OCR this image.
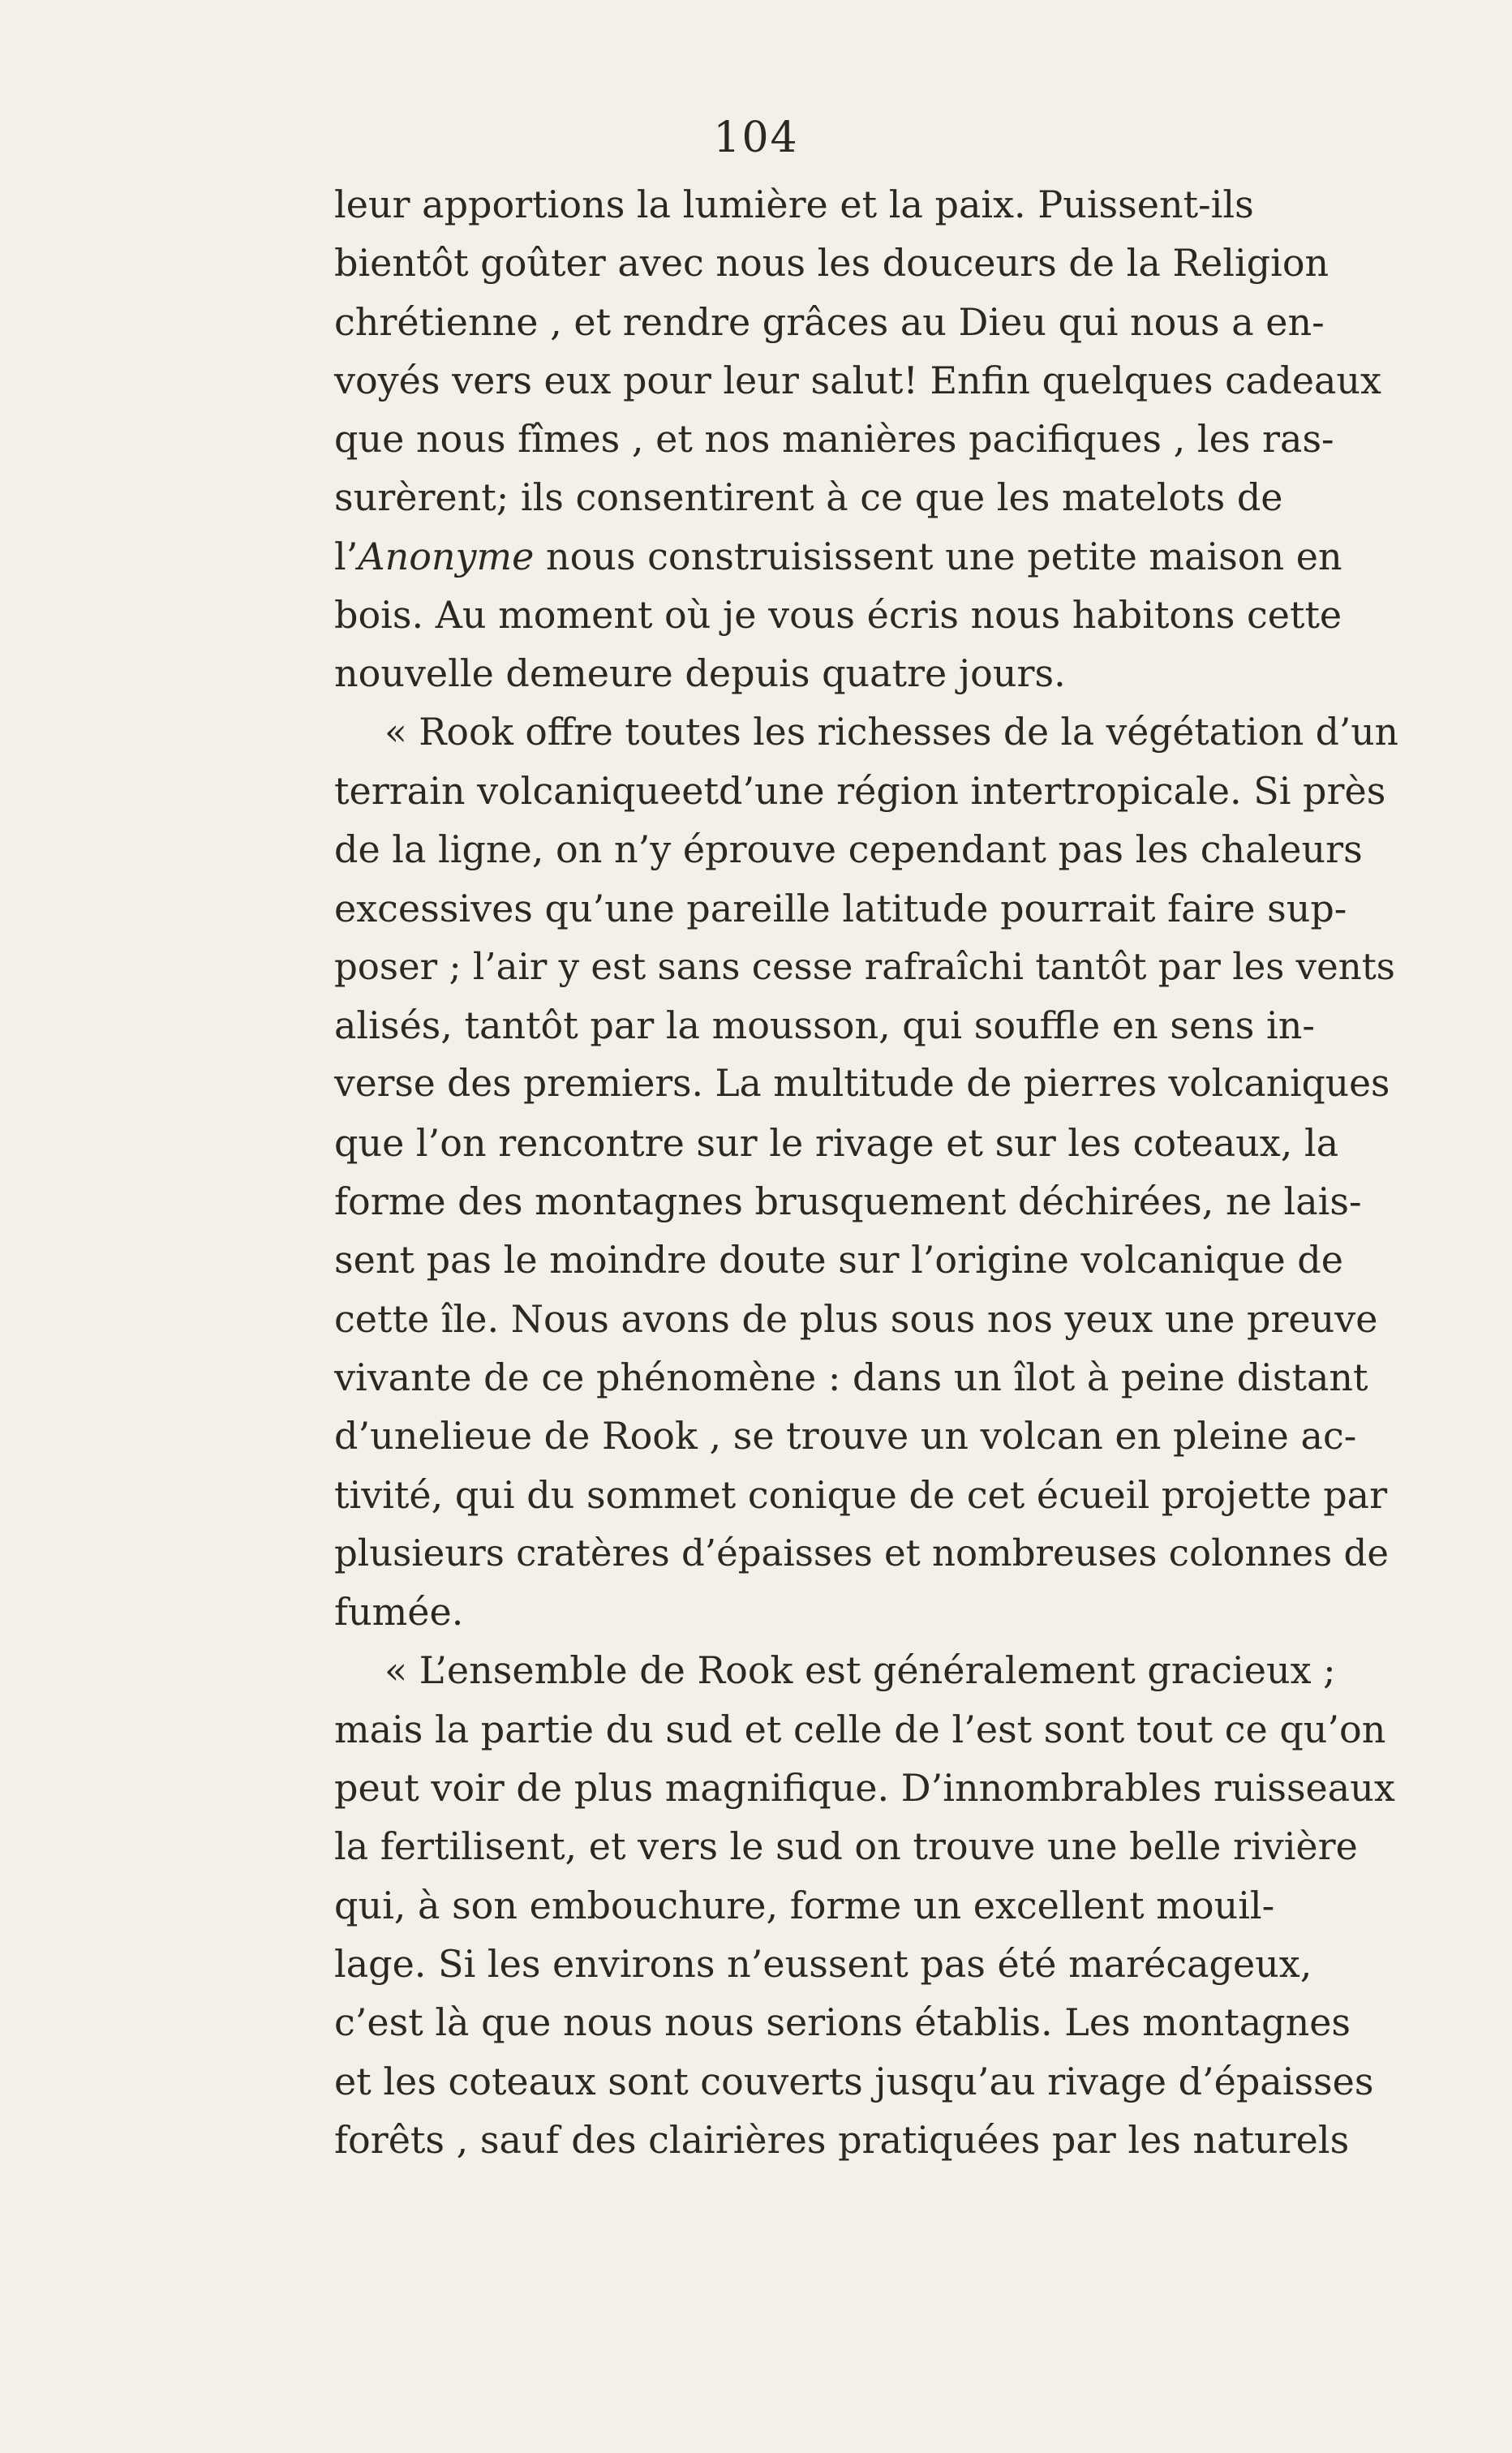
104
leur apportions la lumière et la paix. Puissent-ils
bientôt goûter avec nous les douceurs de la Religion
chrétienne , et rendre grâces au Dieu qui nous a en-
voyés vers eux pour leur salut! Enfin quelques cadeaux
que nous fîmes , et nos manières pacifiques , les ras-
surèrent; ils consentirent à ce que les matelots de
l’Anonyme nous construisissent une petite maison en
bois. Au moment où je vous écris nous habitons cette
nouvelle demeure depuis quatre jours.
« Rook offre toutes les richesses de la végétation d’un
terrain volcaniqueetd’une région intertropicale. Si près
de la ligne, on n’y éprouve cependant pas les chaleurs
excessives qu’une pareille latitude pourrait faire sup-
poser ; l’air y est sans cesse rafraîchi tantôt par les vents
alisés, tantôt par la mousson, qui souffle en sens in-
verse des premiers. La multitude de pierres volcaniques
que l’on rencontre sur le rivage et sur les coteaux, la
forme des montagnes brusquement déchirées, ne lais-
sent pas le moindre doute sur l’origine volcanique de
cette île. Nous avons de plus sous nos yeux une preuve
vivante de ce phénomène : dans un îlot à peine distant
d’unelieue de Rook , se trouve un volcan en pleine ac-
tivité, qui du sommet conique de cet écueil projette par
plusieurs cratères d’épaisses et nombreuses colonnes de
fumée.
« L’ensemble de Rook est généralement gracieux ;
mais la partie du sud et celle de l’est sont tout ce qu’on
peut voir de plus magnifique. D’innombrables ruisseaux
la fertilisent, et vers le sud on trouve une belle rivière
qui, à son embouchure, forme un excellent mouil-
lage. Si les environs n’eussent pas été marécageux,
c’est là que nous nous serions établis. Les montagnes
et les coteaux sont couverts jusqu’au rivage d’épaisses
forêts , sauf des clairières pratiquées par les naturels
